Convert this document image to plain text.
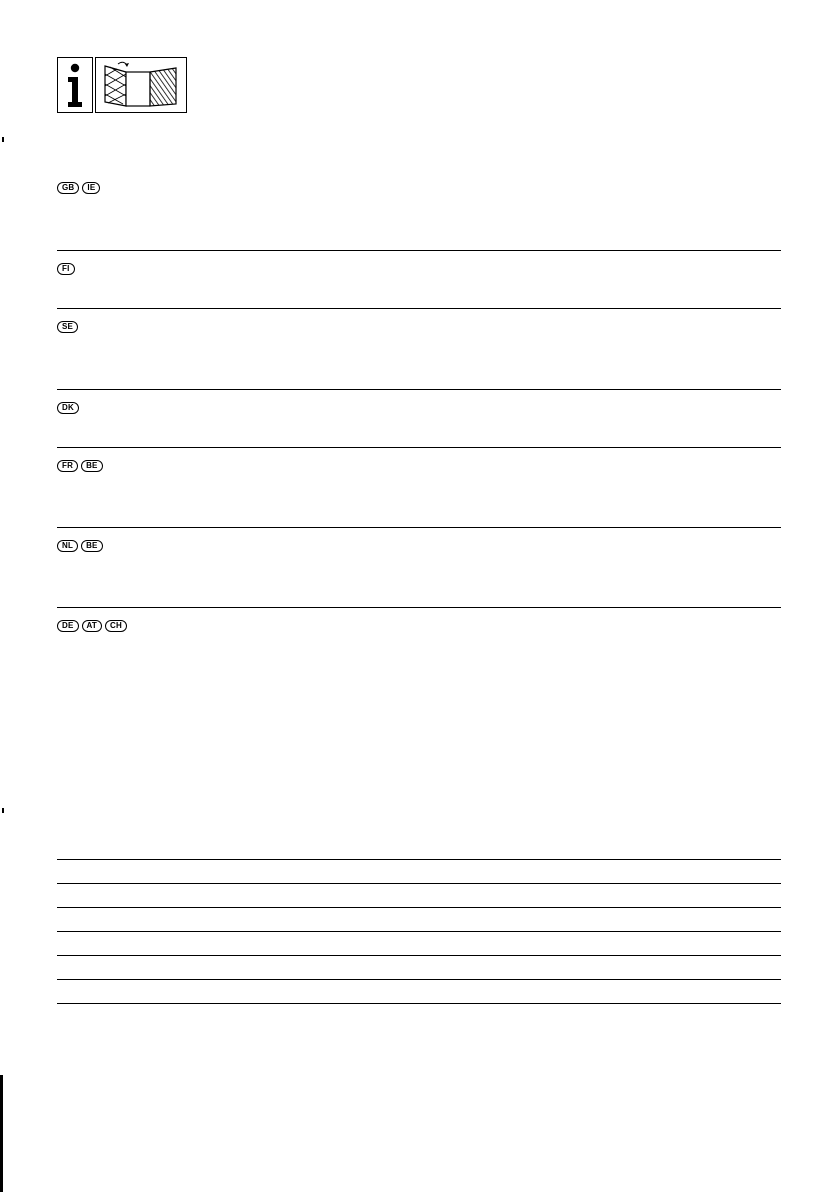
GB	IE
FI
SE
DK
FR	BE
NL	BE
DE	AT	CH
